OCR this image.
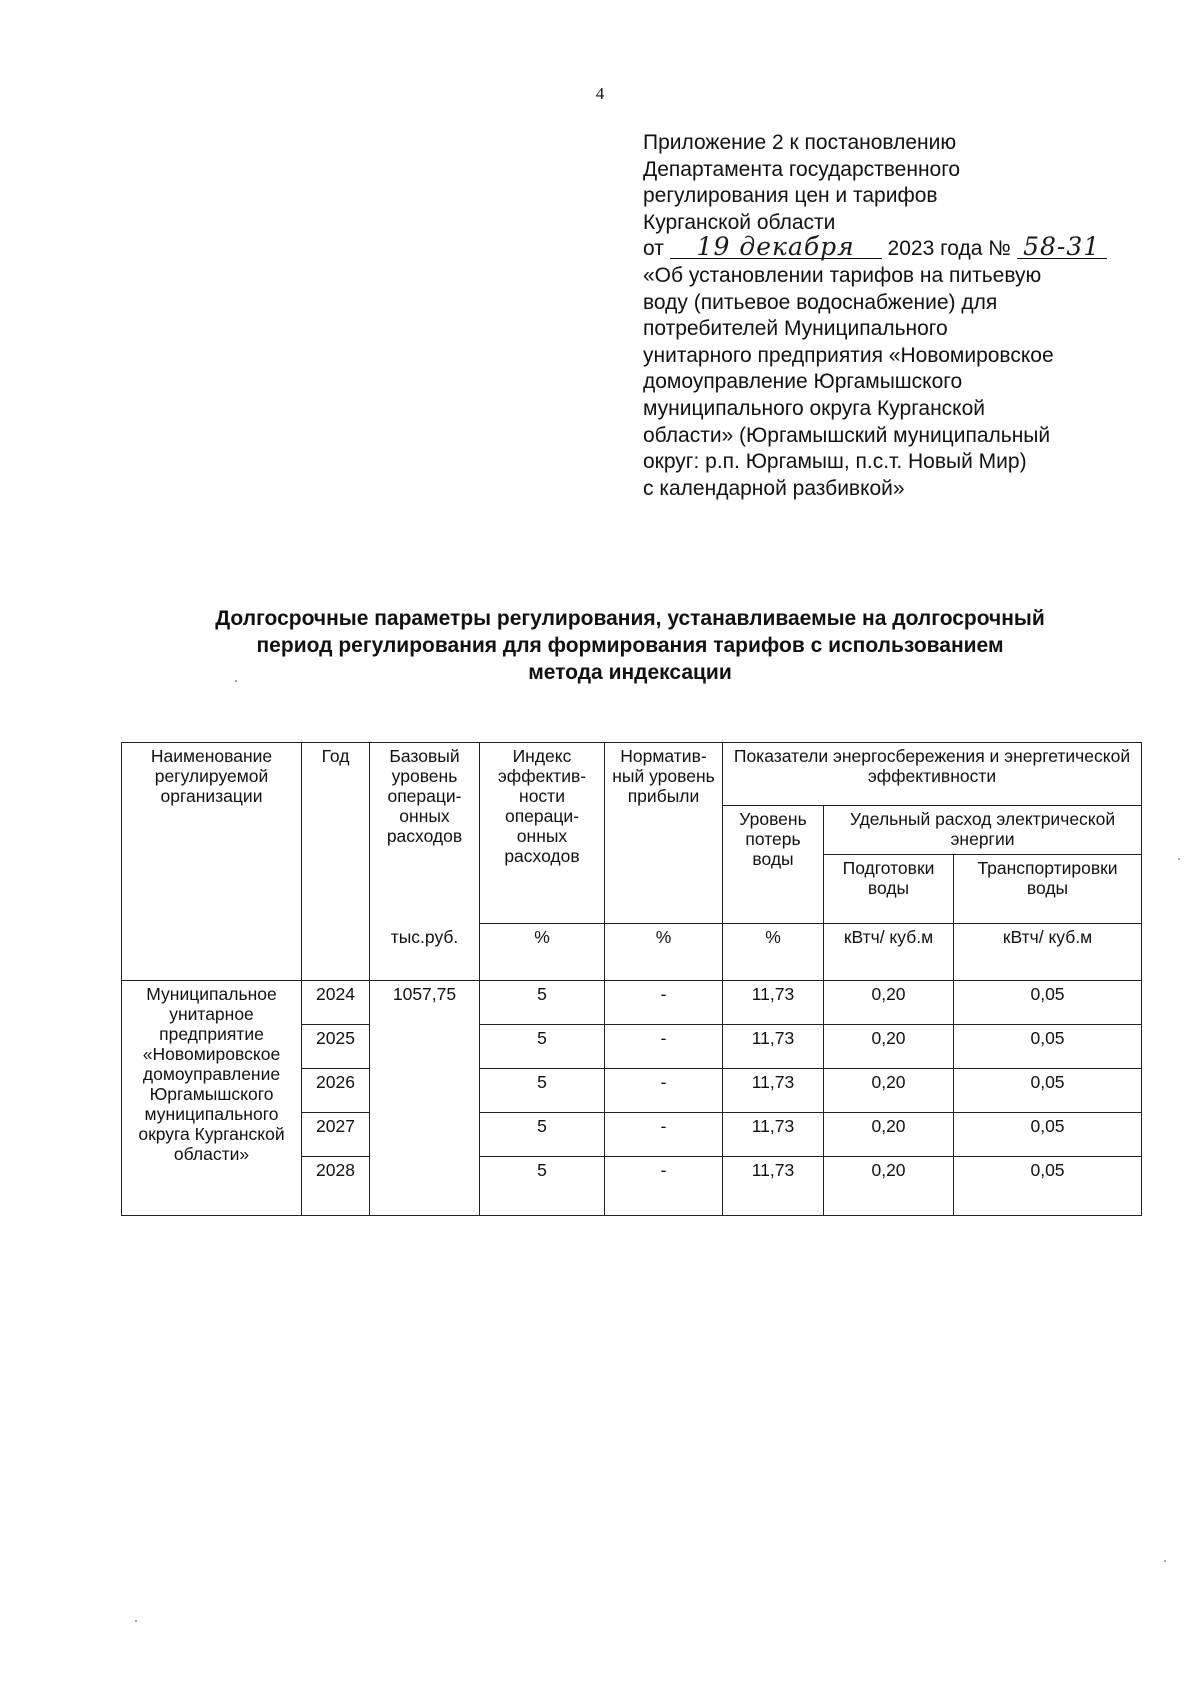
4
Приложение 2 к постановлению
Департамента государственного
регулирования цен и тарифов
Курганской области
от 19 декабря 2023 года № 58-31
«Об установлении тарифов на питьевую
воду (питьевое водоснабжение) для
потребителей Муниципального
унитарного предприятия «Новомировское
домоуправление Юргамышского
муниципального округа Курганской
области» (Юргамышский муниципальный
округ: р.п. Юргамыш, п.с.т. Новый Мир)
с календарной разбивкой»
Долгосрочные параметры регулирования, устанавливаемые на долгосрочный
период регулирования для формирования тарифов с использованием
метода индексации
Наименование регулируемой организации	Год	Базовый уровень операци-онных расходов	Индекс эффектив-ности операци-онных расходов	Норматив-ный уровень прибыли	Показатели энергосбережения и энергетической эффективности		
					Уровень потерь воды	Удельный расход электрической энергии	
						Подготовки воды	Транспортировки воды
		тыс.руб.	%	%	%	кВтч/ куб.м	кВтч/ куб.м
Муниципальное унитарное предприятие «Новомировское домоуправление Юргамышского муниципального округа Курганской области»	2024	1057,75	5	-	11,73	0,20	0,05
	2025		5	-	11,73	0,20	0,05
	2026		5	-	11,73	0,20	0,05
	2027		5	-	11,73	0,20	0,05
	2028		5	-	11,73	0,20	0,05
